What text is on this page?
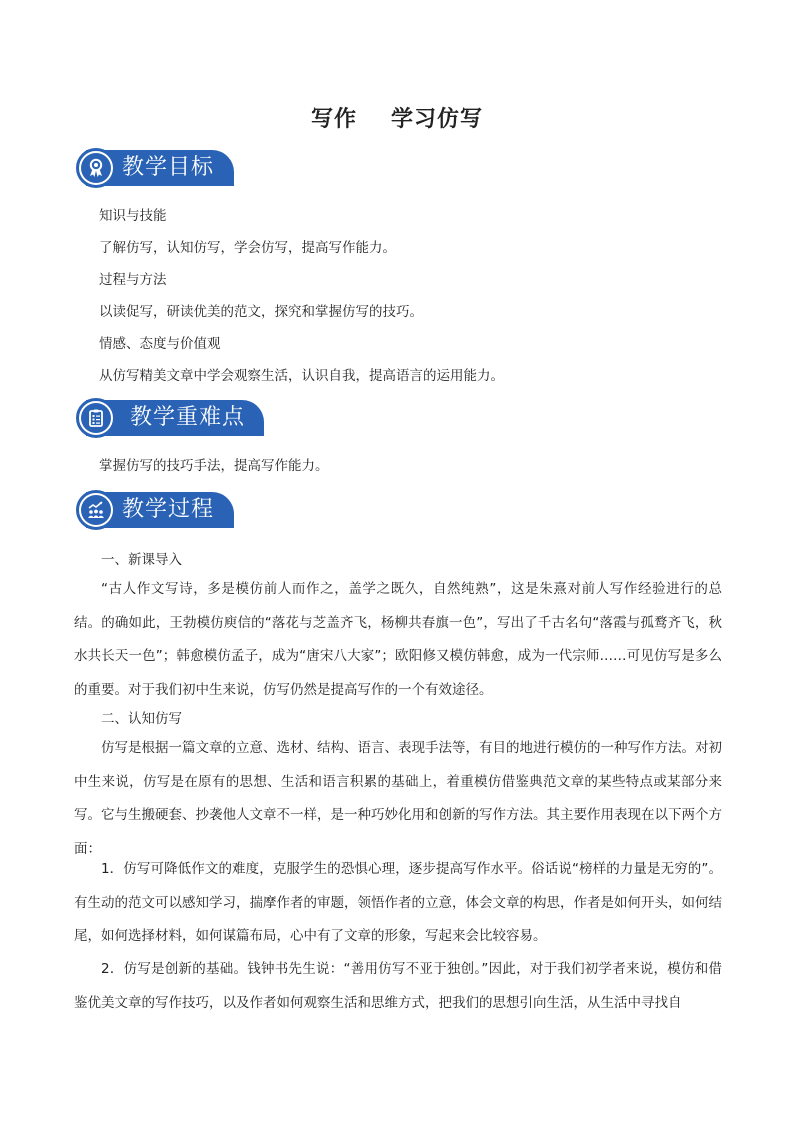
写作 学习仿写
教学目标
知识与技能
了解仿写，认知仿写，学会仿写，提高写作能力。
过程与方法
以读促写，研读优美的范文，探究和掌握仿写的技巧。
情感、态度与价值观
从仿写精美文章中学会观察生活，认识自我，提高语言的运用能力。
教学重难点
掌握仿写的技巧手法，提高写作能力。
教学过程
一、新课导入

“古人作文写诗，多是模仿前人而作之，盖学之既久，自然纯熟”，这是朱熹对前人写作经验进行的总结。的确如此，王勃模仿庾信的“落花与芝盖齐飞，杨柳共春旗一色”，写出了千古名句“落霞与孤鹜齐飞，秋水共长天一色”；韩愈模仿孟子，成为“唐宋八大家”；欧阳修又模仿韩愈，成为一代宗师……可见仿写是多么的重要。对于我们初中生来说，仿写仍然是提高写作的一个有效途径。

二、认知仿写

仿写是根据一篇文章的立意、选材、结构、语言、表现手法等，有目的地进行模仿的一种写作方法。对初中生来说，仿写是在原有的思想、生活和语言积累的基础上，着重模仿借鉴典范文章的某些特点或某部分来写。它与生搬硬套、抄袭他人文章不一样，是一种巧妙化用和创新的写作方法。其主要作用表现在以下两个方面：

1．仿写可降低作文的难度，克服学生的恐惧心理，逐步提高写作水平。俗话说“榜样的力量是无穷的”。有生动的范文可以感知学习，揣摩作者的审题，领悟作者的立意，体会文章的构思，作者是如何开头，如何结尾，如何选择材料，如何谋篇布局，心中有了文章的形象，写起来会比较容易。

2．仿写是创新的基础。钱钟书先生说：“善用仿写不亚于独创。”因此，对于我们初学者来说，模仿和借鉴优美文章的写作技巧，以及作者如何观察生活和思维方式，把我们的思想引向生活，从生活中寻找自
